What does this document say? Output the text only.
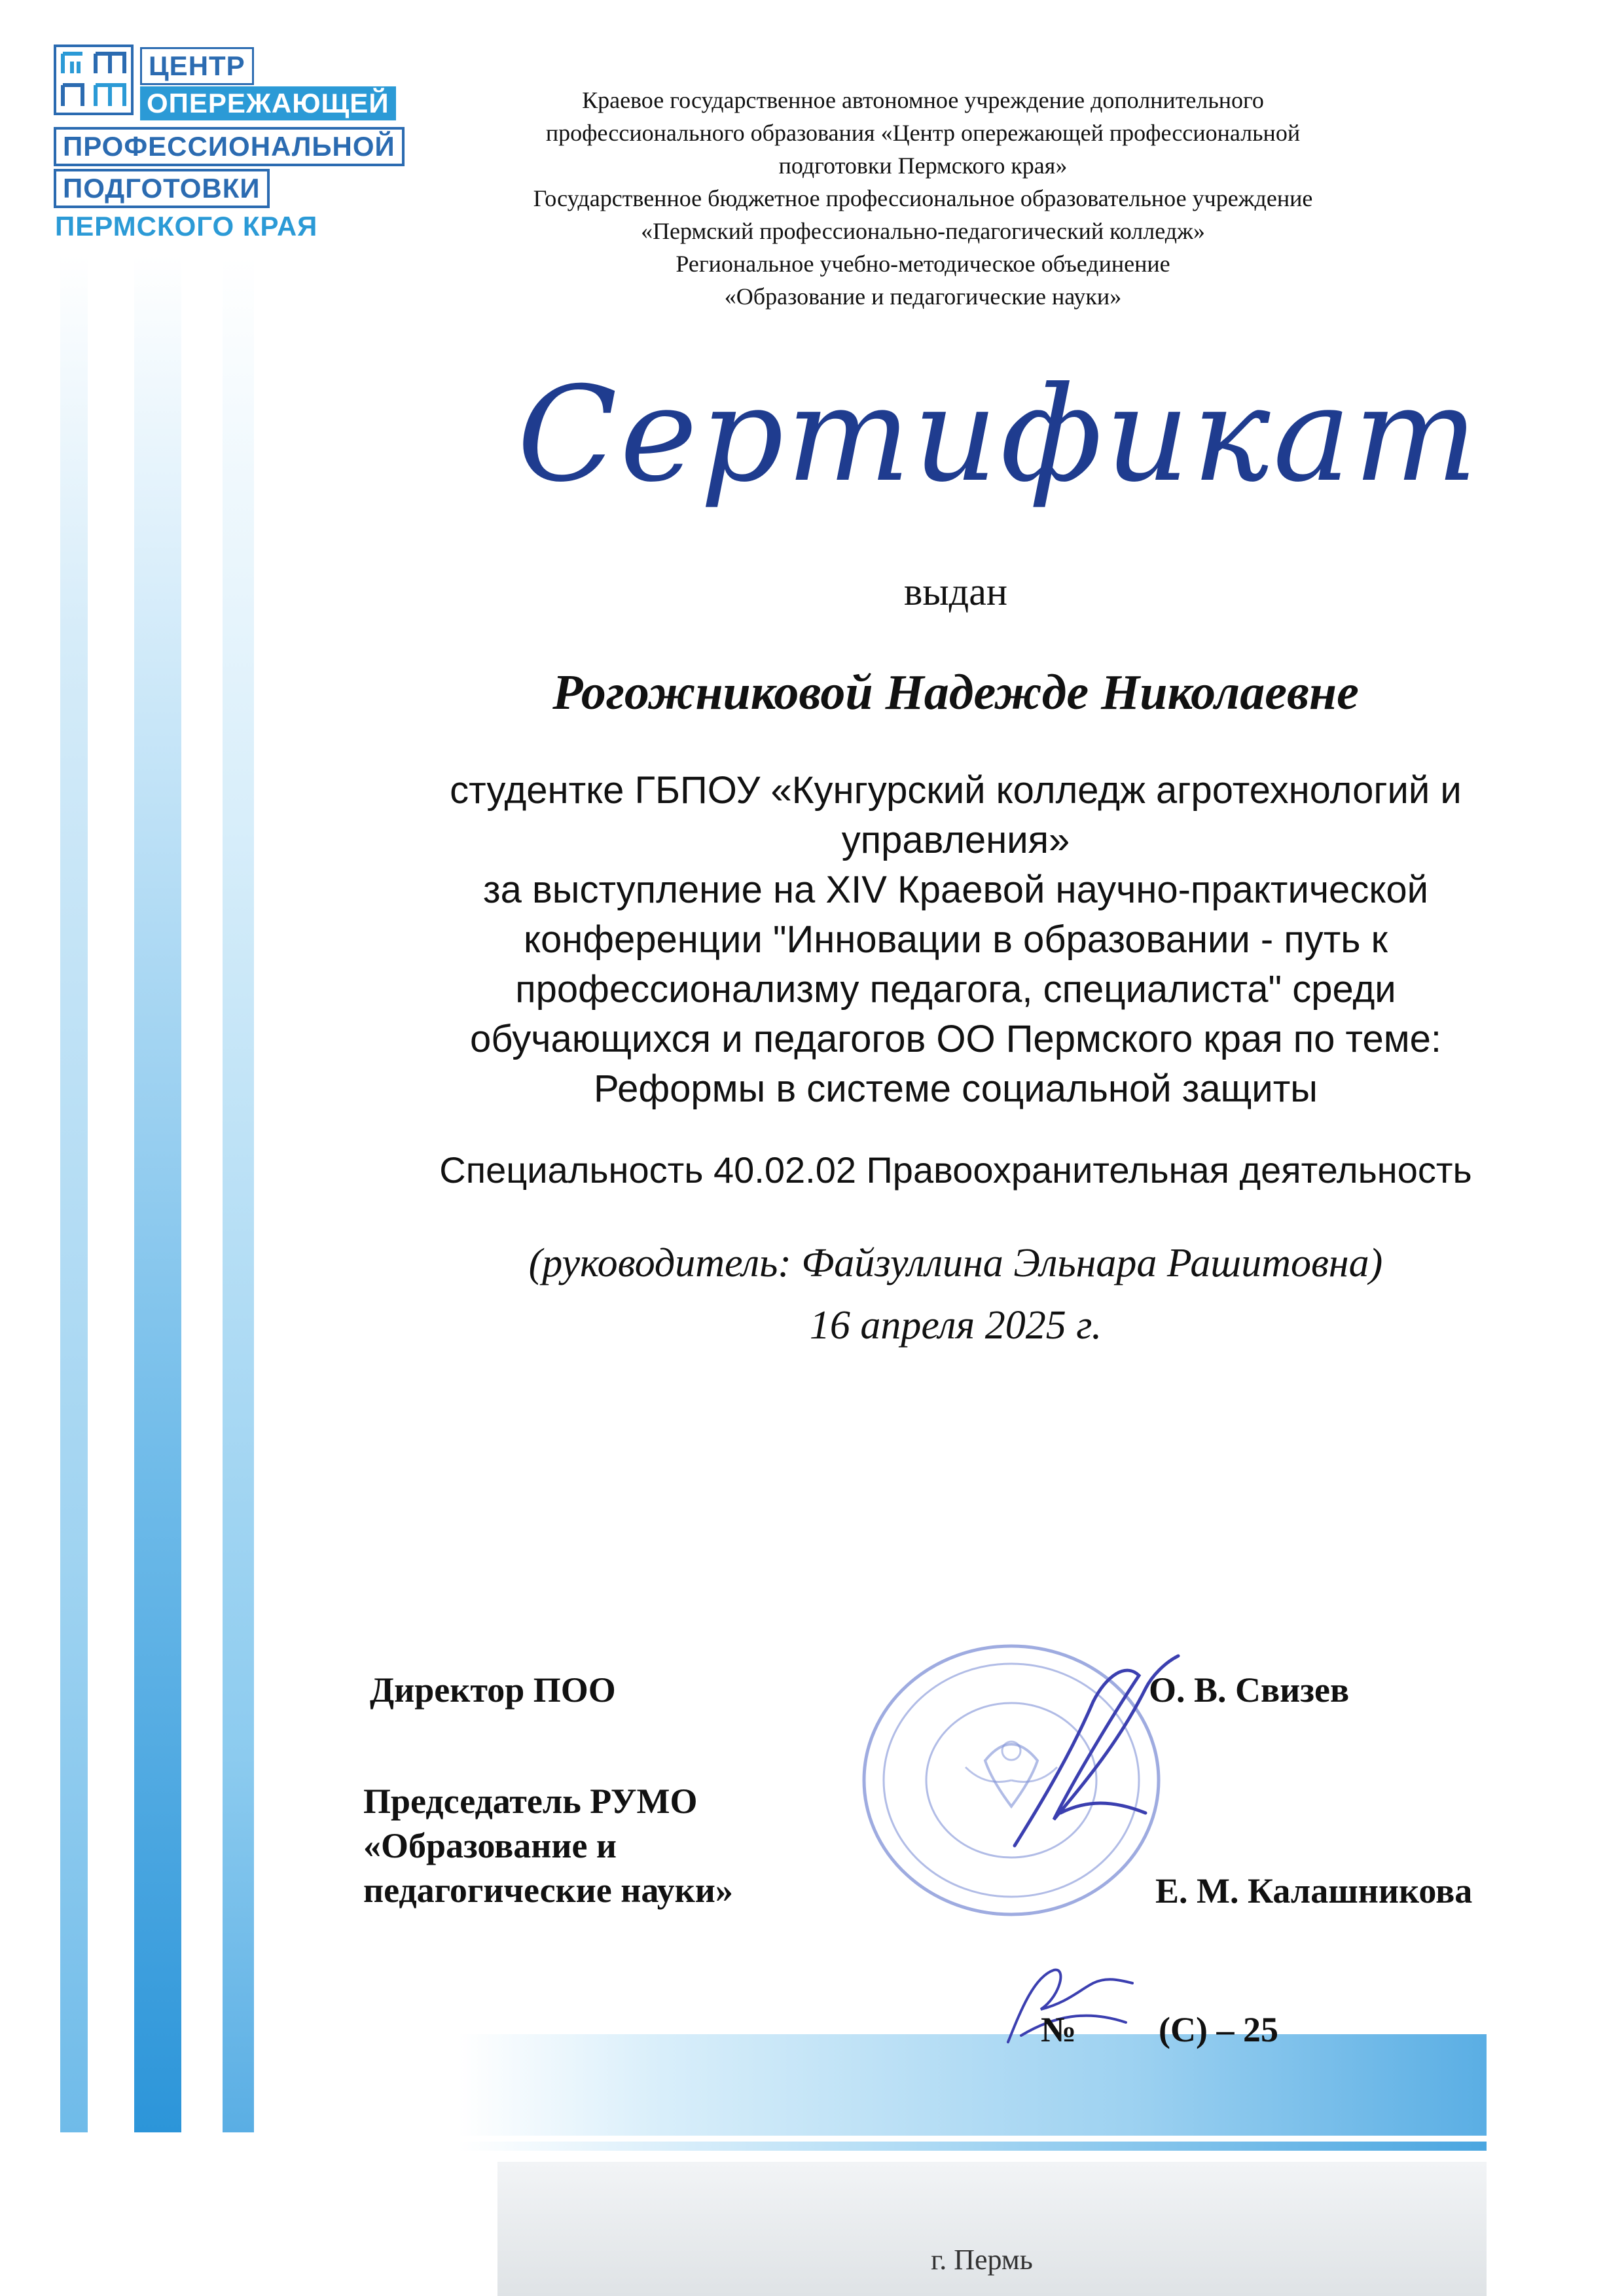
г. Пермь
ЦЕНТР
ОПЕРЕЖАЮЩЕЙ
ПРОФЕССИОНАЛЬНОЙ
ПОДГОТОВКИ
ПЕРМСКОГО КРАЯ
Краевое государственное автономное учреждение дополнительного
профессионального образования «Центр опережающей профессиональной
подготовки Пермского края»
Государственное бюджетное профессиональное образовательное учреждение
«Пермский профессионально-педагогический колледж»
Региональное учебно-методическое объединение
«Образование и педагогические науки»
Сертификат
выдан
Рогожниковой Надежде Николаевне
студентке ГБПОУ «Кунгурский колледж агротехнологий и
управления»
за выступление на XIV Краевой научно-практической
конференции "Инновации в образовании - путь к
профессионализму педагога, специалиста" среди
обучающихся и педагогов ОО Пермского края по теме:
Реформы в системе социальной защиты
Специальность 40.02.02 Правоохранительная деятельность
(руководитель: Файзуллина Эльнара Рашитовна)
16 апреля 2025 г.
Директор ПОО	О. В. Свизев
Председатель РУМО
«Образование и
педагогические науки»	Е. М. Калашникова
№ (С) – 25
